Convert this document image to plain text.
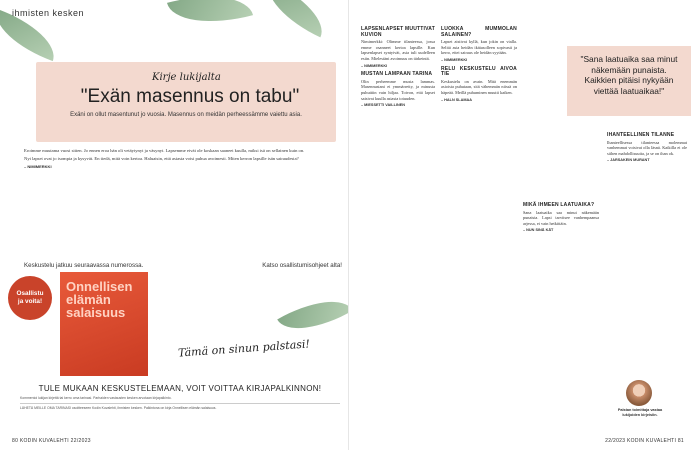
ihmisten kesken
Kirje lukijalta
"Exän masennus on tabu"
Exäni on ollut masentunut jo vuosia. Masennus on meidän perheessämme vaiettu asia.

Eroimme muutama vuosi sitten. Jo ennen eroa hän oli vetäytynyt ja väsynyt. Lapsemme eivät ole koskaan saaneet kuulla, miksi isä on sellainen kuin on.

Nyt lapset ovat jo isompia ja kysyvät. En tiedä, mitä voin kertoa. Haluaisin, että asiasta voisi puhua avoimesti. Miten kerron lapsille isän sairaudesta?

– NIMIMERKKI
Keskustelu jatkuu seuraavassa numerossa.	Katso osallistumisohjeet alta!
Osallistu
ja voita!
Onnellisen elämän salaisuus
Tämä on sinun palstasi!
TULE MUKAAN KESKUSTELEMAAN, VOIT VOITTAA KIRJAPALKINNON!
Kommentoi lukijan kirjettä tai kerro oma tarinasi. Parhaiden vastausten kesken arvotaan kirjapalkinto.
LÄHETÄ MEILLE OMA TARINASI osoitteeseen Kodin Kuvalehti, ihmisten kesken. Palkintona on kirja Onnellisen elämän salaisuus.
80 KODIN KUVALEHTI 22/2023
LAPSENLAPSET MUUTTIVAT KUVION

Nimimerkki: Olimme tilanteessa, jossa emme osanneet kertoa lapsille. Kun lapsenlapset syntyivät, asia tuli uudelleen esiin. Mielestäni avoimuus on tärkeintä.

– NIMIMERKKI
MUSTAN LAMPAAN TARINA

Olin perheemme musta lammas. Masennustani ei ymmärretty, ja minusta puhuttiin vain hiljaa. Toivon, että lapset saisivat kuulla asiasta totuuden.

– MIESSETTI VAILLINEN
LUOKKA MUMMOLAN SALAINEN?

Lapset aistivat kyllä, kun jokin on vialla. Selitä asia heidän ikätasolleen sopivasti ja kerro, ettei sairaus ole heidän syytään.

– NIMIMERKKI
RELU KESKUSTELU AIVOA TIE

Keskustelu on avain. Mitä enemmän asioista puhutaan, sitä vähemmän niissä on häpeää. Meillä puhuminen muutti kaiken.

– HALN SLAMAA
MIKÄ IHMEEN LAATUAIKA?

Sana laatuaika saa minut näkemään punaista. Lapsi tarvitsee vanhempaansa arjessa, ei vain hetkittäin.

– NUN SINÄ KÄT
"Sana laatuaika saa minut näkemään punaista. Kaikkien pitäisi nykyään viettää laatuaikaa!"
IHANTEELLINEN TILANNE

Ihanteellisessa tilanteessa molemmat vanhemmat voisivat olla läsnä. Kaikilla ei ole siihen mahdollisuutta, ja se on ihan ok.

– JARSAKEIN MURANT
22/2023 KODIN KUVALEHTI 81
Palstan toimittaja vastaa lukijoiden kirjeisiin.
